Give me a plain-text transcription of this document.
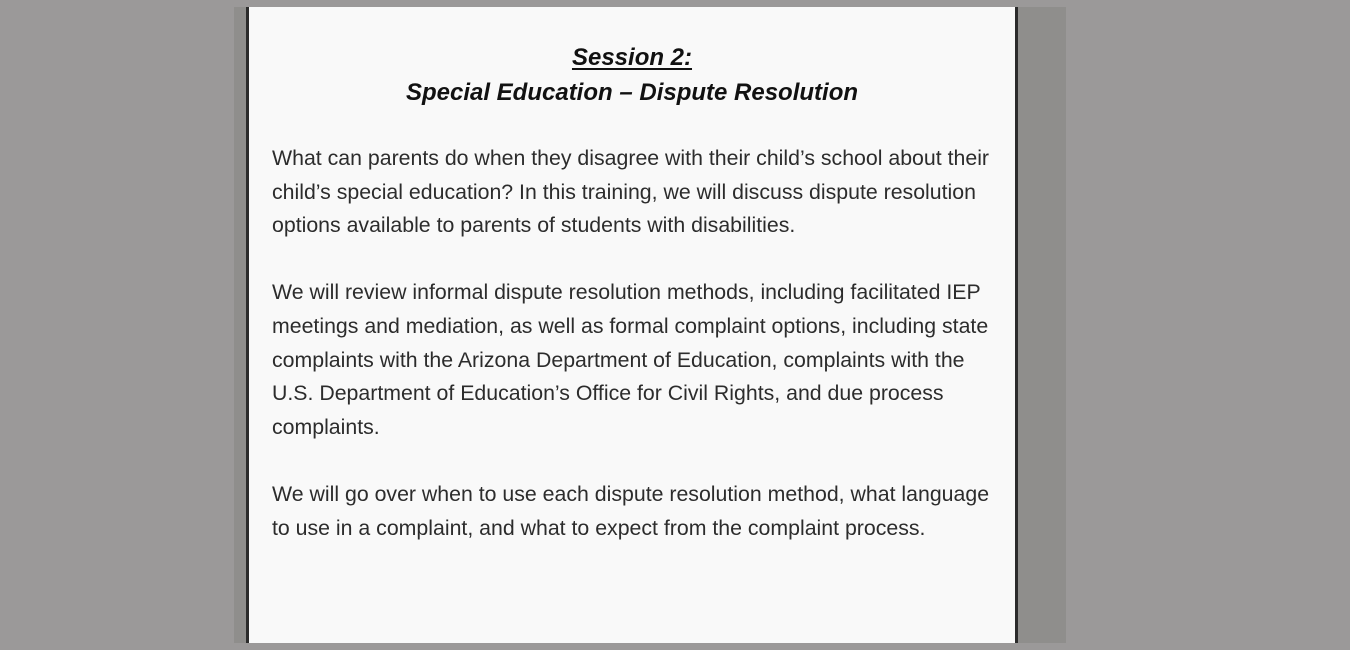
Session 2:
Special Education – Dispute Resolution

What can parents do when they disagree with their child’s school about their child’s special education? In this training, we will discuss dispute resolution options available to parents of students with disabilities.

We will review informal dispute resolution methods, including facilitated IEP meetings and mediation, as well as formal complaint options, including state complaints with the Arizona Department of Education, complaints with the U.S. Department of Education’s Office for Civil Rights, and due process complaints.

We will go over when to use each dispute resolution method, what language to use in a complaint, and what to expect from the complaint process.
